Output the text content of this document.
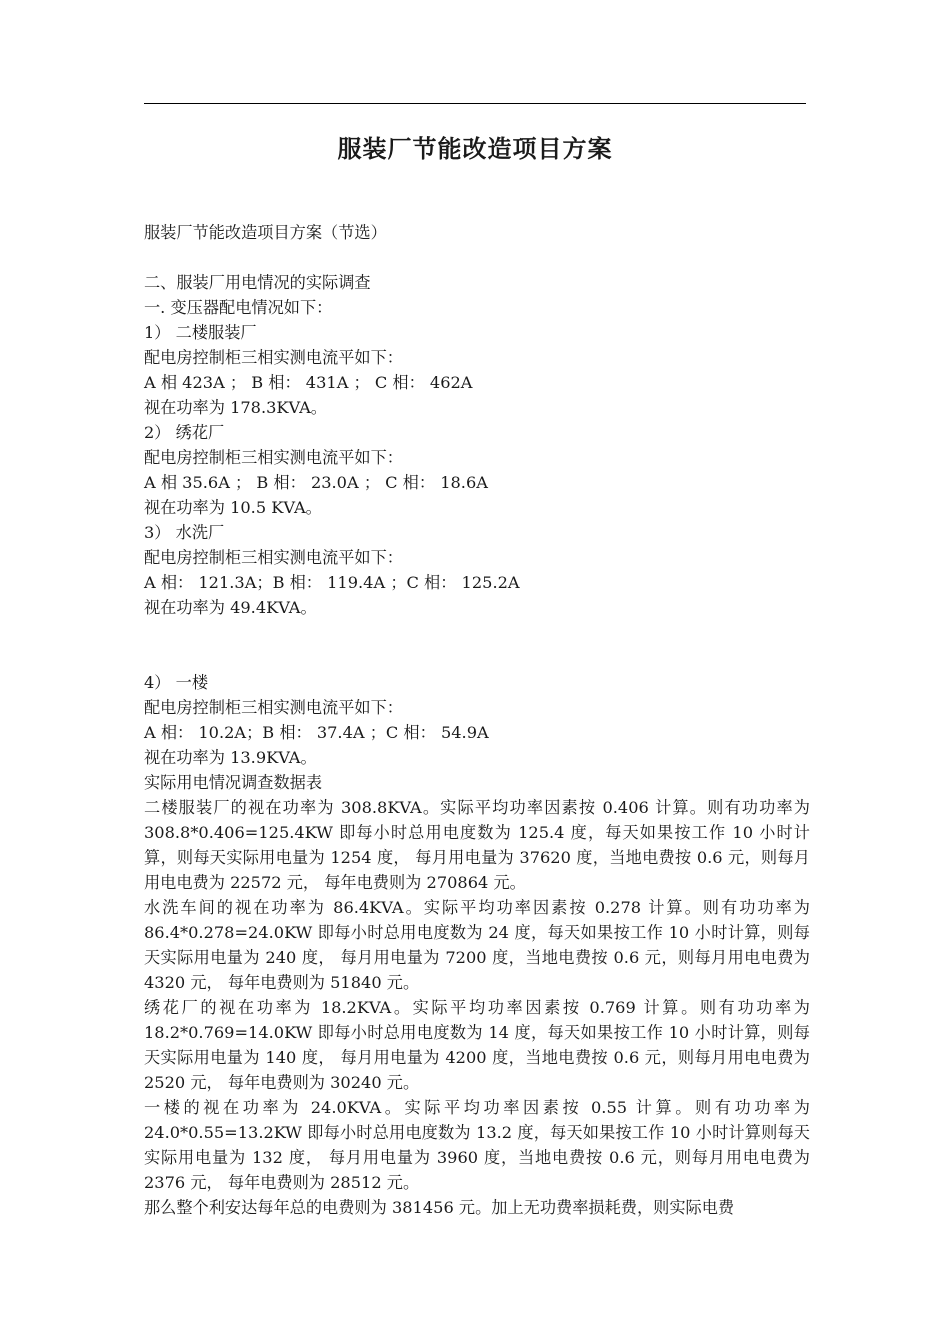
服装厂节能改造项目方案

服装厂节能改造项目方案（节选）

二、服装厂用电情况的实际调查

一. 变压器配电情况如下：

1） 二楼服装厂

配电房控制柜三相实测电流平如下：

A 相 423A ； B 相： 431A ； C 相： 462A

视在功率为 178.3KVA。

2） 绣花厂

配电房控制柜三相实测电流平如下：

A 相 35.6A ； B 相： 23.0A ； C 相： 18.6A

视在功率为 10.5 KVA。

3） 水洗厂

配电房控制柜三相实测电流平如下：

A 相： 121.3A；B 相： 119.4A ；C 相： 125.2A

视在功率为 49.4KVA。

4） 一楼

配电房控制柜三相实测电流平如下：

A 相： 10.2A；B 相： 37.4A ；C 相： 54.9A

视在功率为 13.9KVA。

实际用电情况调查数据表

二楼服装厂的视在功率为 308.8KVA。实际平均功率因素按 0.406 计算。则有功功率为 308.8*0.406=125.4KW 即每小时总用电度数为 125.4 度，每天如果按工作 10 小时计算，则每天实际用电量为 1254 度， 每月用电量为 37620 度，当地电费按 0.6 元，则每月用电电费为 22572 元， 每年电费则为 270864 元。

水洗车间的视在功率为 86.4KVA。实际平均功率因素按 0.278 计算。则有功功率为 86.4*0.278=24.0KW 即每小时总用电度数为 24 度，每天如果按工作 10 小时计算，则每天实际用电量为 240 度， 每月用电量为 7200 度，当地电费按 0.6 元，则每月用电电费为 4320 元， 每年电费则为 51840 元。

绣花厂的视在功率为 18.2KVA。实际平均功率因素按 0.769 计算。则有功功率为 18.2*0.769=14.0KW 即每小时总用电度数为 14 度，每天如果按工作 10 小时计算，则每天实际用电量为 140 度， 每月用电量为 4200 度，当地电费按 0.6 元，则每月用电电费为 2520 元， 每年电费则为 30240 元。

一楼的视在功率为 24.0KVA。实际平均功率因素按 0.55 计算。则有功功率为 24.0*0.55=13.2KW 即每小时总用电度数为 13.2 度，每天如果按工作 10 小时计算则每天实际用电量为 132 度， 每月用电量为 3960 度，当地电费按 0.6 元，则每月用电电费为 2376 元， 每年电费则为 28512 元。

那么整个利安达每年总的电费则为 381456 元。加上无功费率损耗费，则实际电费
